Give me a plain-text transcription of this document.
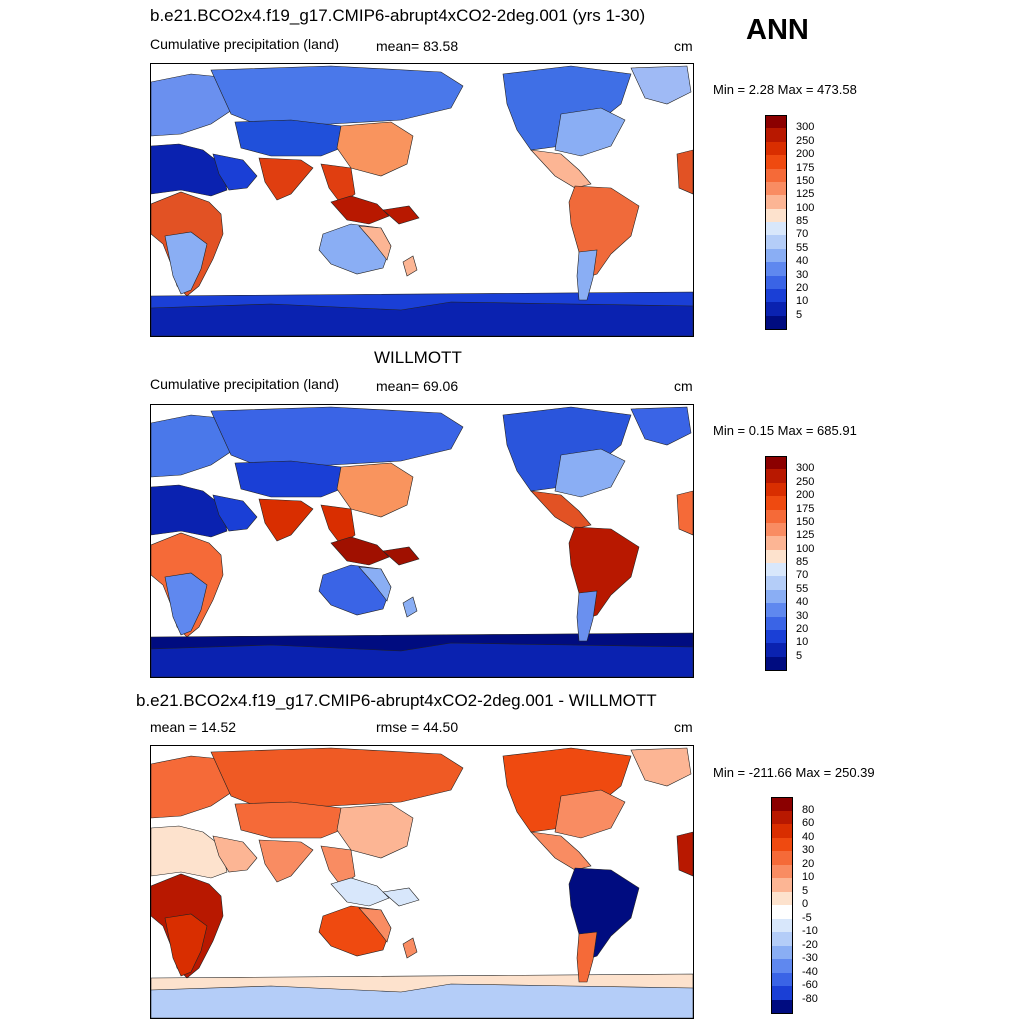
ANN
b.e21.BCO2x4.f19_g17.CMIP6-abrupt4xCO2-2deg.001 (yrs 1-30)
Cumulative precipitation (land)	mean= 83.58	cm
Min = 2.28 Max = 473.58
300
250
200
175
150
125
100
85
70
55
40
30
20
10
5
WILLMOTT
Cumulative precipitation (land)	mean= 69.06	cm
Min = 0.15 Max = 685.91
300
250
200
175
150
125
100
85
70
55
40
30
20
10
5
b.e21.BCO2x4.f19_g17.CMIP6-abrupt4xCO2-2deg.001 - WILLMOTT
mean = 14.52	rmse = 44.50	cm
Min = -211.66 Max = 250.39
80
60
40
30
20
10
5
0
-5
-10
-20
-30
-40
-60
-80
